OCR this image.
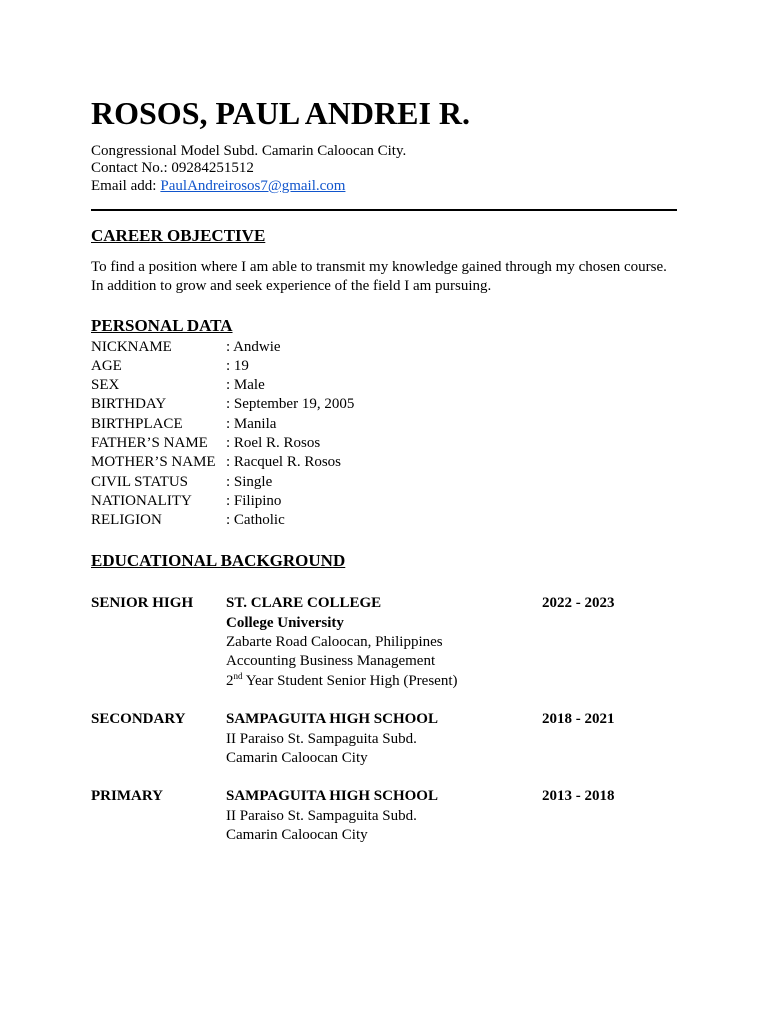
ROSOS, PAUL ANDREI R.
Congressional Model Subd. Camarin Caloocan City.
Contact No.: 09284251512
Email add: PaulAndreirosos7@gmail.com
CAREER OBJECTIVE
To find a position where I am able to transmit my knowledge gained through my chosen course.
In addition to grow and seek experience of the field I am pursuing.
PERSONAL DATA
NICKNAME	: Andwie
AGE	: 19
SEX	: Male
BIRTHDAY	: September 19, 2005
BIRTHPLACE	: Manila
FATHER’S NAME	: Roel R. Rosos
MOTHER’S NAME : Racquel R. Rosos
CIVIL STATUS	: Single
NATIONALITY	: Filipino
RELIGION	: Catholic
EDUCATIONAL BACKGROUND
SENIOR HIGH	ST. CLARE COLLEGE
College University
Zabarte Road Caloocan, Philippines
Accounting Business Management
2nd Year Student Senior High (Present)
2022 - 2023
SECONDARY	SAMPAGUITA HIGH SCHOOL
II Paraiso St. Sampaguita Subd.
Camarin Caloocan City
2018 - 2021
PRIMARY	SAMPAGUITA HIGH SCHOOL
II Paraiso St. Sampaguita Subd.
Camarin Caloocan City
2013 - 2018
